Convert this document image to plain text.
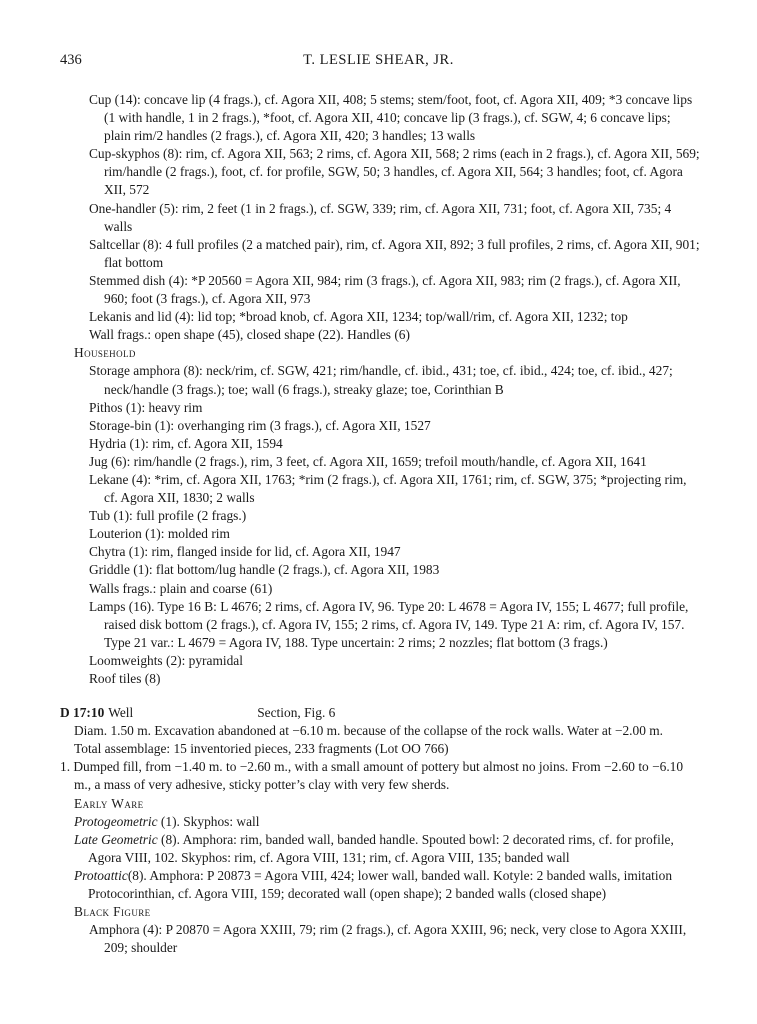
436	T. LESLIE SHEAR, JR.

Cup (14): concave lip (4 frags.), cf. Agora XII, 408; 5 stems; stem/foot, foot, cf. Agora XII, 409; *3 concave lips (1 with handle, 1 in 2 frags.), *foot, cf. Agora XII, 410; concave lip (3 frags.), cf. SGW, 4; 6 concave lips; plain rim/2 handles (2 frags.), cf. Agora XII, 420; 3 handles; 13 walls

Cup-skyphos (8): rim, cf. Agora XII, 563; 2 rims, cf. Agora XII, 568; 2 rims (each in 2 frags.), cf. Agora XII, 569; rim/handle (2 frags.), foot, cf. for profile, SGW, 50; 3 handles, cf. Agora XII, 564; 3 handles; foot, cf. Agora XII, 572

One-handler (5): rim, 2 feet (1 in 2 frags.), cf. SGW, 339; rim, cf. Agora XII, 731; foot, cf. Agora XII, 735; 4 walls

Saltcellar (8): 4 full profiles (2 a matched pair), rim, cf. Agora XII, 892; 3 full profiles, 2 rims, cf. Agora XII, 901; flat bottom

Stemmed dish (4): *P 20560 = Agora XII, 984; rim (3 frags.), cf. Agora XII, 983; rim (2 frags.), cf. Agora XII, 960; foot (3 frags.), cf. Agora XII, 973

Lekanis and lid (4): lid top; *broad knob, cf. Agora XII, 1234; top/wall/rim, cf. Agora XII, 1232; top

Wall frags.: open shape (45), closed shape (22). Handles (6)

Household

Storage amphora (8): neck/rim, cf. SGW, 421; rim/handle, cf. ibid., 431; toe, cf. ibid., 424; toe, cf. ibid., 427; neck/handle (3 frags.); toe; wall (6 frags.), streaky glaze; toe, Corinthian B

Pithos (1): heavy rim

Storage-bin (1): overhanging rim (3 frags.), cf. Agora XII, 1527

Hydria (1): rim, cf. Agora XII, 1594

Jug (6): rim/handle (2 frags.), rim, 3 feet, cf. Agora XII, 1659; trefoil mouth/handle, cf. Agora XII, 1641

Lekane (4): *rim, cf. Agora XII, 1763; *rim (2 frags.), cf. Agora XII, 1761; rim, cf. SGW, 375; *projecting rim, cf. Agora XII, 1830; 2 walls

Tub (1): full profile (2 frags.)

Louterion (1): molded rim

Chytra (1): rim, flanged inside for lid, cf. Agora XII, 1947

Griddle (1): flat bottom/lug handle (2 frags.), cf. Agora XII, 1983

Walls frags.: plain and coarse (61)

Lamps (16). Type 16 B: L 4676; 2 rims, cf. Agora IV, 96. Type 20: L 4678 = Agora IV, 155; L 4677; full profile, raised disk bottom (2 frags.), cf. Agora IV, 155; 2 rims, cf. Agora IV, 149. Type 21 A: rim, cf. Agora IV, 157. Type 21 var.: L 4679 = Agora IV, 188. Type uncertain: 2 rims; 2 nozzles; flat bottom (3 frags.)

Loomweights (2): pyramidal

Roof tiles (8)

D 17:10 Well	Section, Fig. 6

Diam. 1.50 m. Excavation abandoned at −6.10 m. because of the collapse of the rock walls. Water at −2.00 m.

Total assemblage: 15 inventoried pieces, 233 fragments (Lot OO 766)

1. Dumped fill, from −1.40 m. to −2.60 m., with a small amount of pottery but almost no joins. From −2.60 to −6.10 m., a mass of very adhesive, sticky potter’s clay with very few sherds.

Early Ware

Protogeometric (1). Skyphos: wall

Late Geometric (8). Amphora: rim, banded wall, banded handle. Spouted bowl: 2 decorated rims, cf. for profile, Agora VIII, 102. Skyphos: rim, cf. Agora VIII, 131; rim, cf. Agora VIII, 135; banded wall

Protoattic(8). Amphora: P 20873 = Agora VIII, 424; lower wall, banded wall. Kotyle: 2 banded walls, imitation Protocorinthian, cf. Agora VIII, 159; decorated wall (open shape); 2 banded walls (closed shape)

Black Figure

Amphora (4): P 20870 = Agora XXIII, 79; rim (2 frags.), cf. Agora XXIII, 96; neck, very close to Agora XXIII, 209; shoulder
